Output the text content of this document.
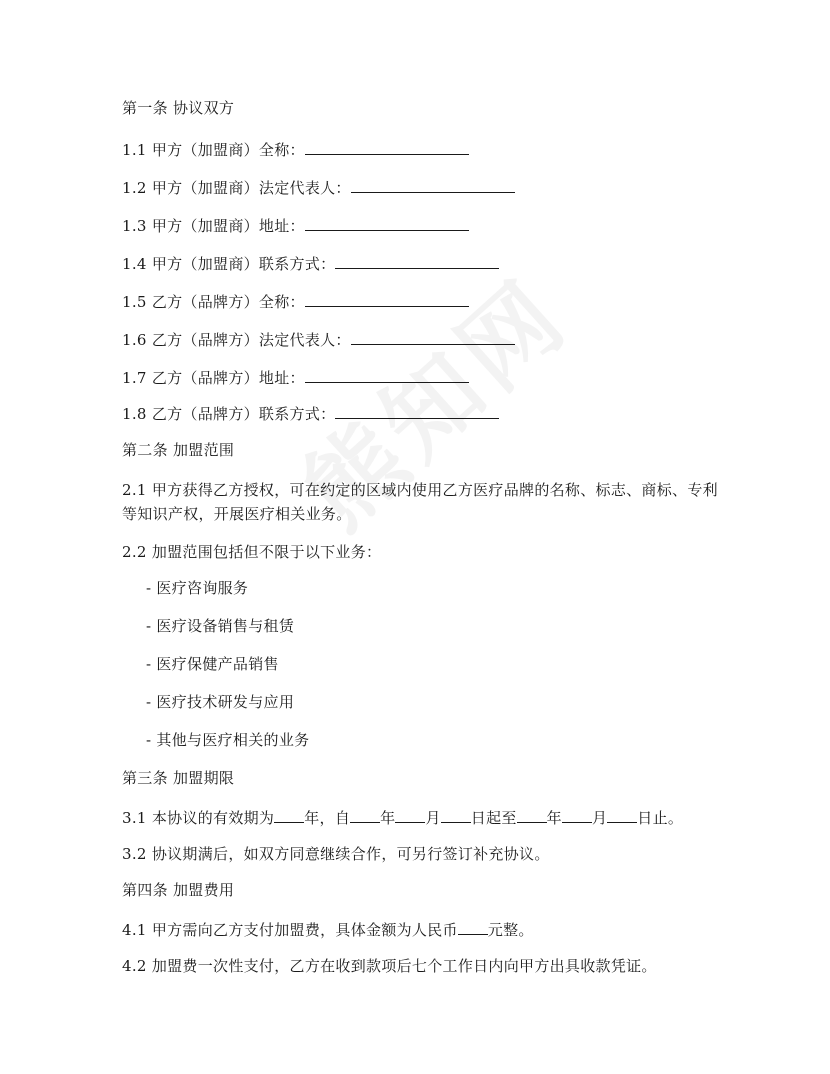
第一条 协议双方
1.1 甲方（加盟商）全称：
1.2 甲方（加盟商）法定代表人：
1.3 甲方（加盟商）地址：
1.4 甲方（加盟商）联系方式：
1.5 乙方（品牌方）全称：
1.6 乙方（品牌方）法定代表人：
1.7 乙方（品牌方）地址：
1.8 乙方（品牌方）联系方式：
第二条 加盟范围
2.1 甲方获得乙方授权，可在约定的区域内使用乙方医疗品牌的名称、标志、商标、专利等知识产权，开展医疗相关业务。
2.2 加盟范围包括但不限于以下业务：
- 医疗咨询服务
- 医疗设备销售与租赁
- 医疗保健产品销售
- 医疗技术研发与应用
- 其他与医疗相关的业务
第三条 加盟期限
3.1 本协议的有效期为 年，自 年 月 日起至 年 月 日止。
3.2 协议期满后，如双方同意继续合作，可另行签订补充协议。
第四条 加盟费用
4.1 甲方需向乙方支付加盟费，具体金额为人民币 元整。
4.2 加盟费一次性支付，乙方在收到款项后七个工作日内向甲方出具收款凭证。
